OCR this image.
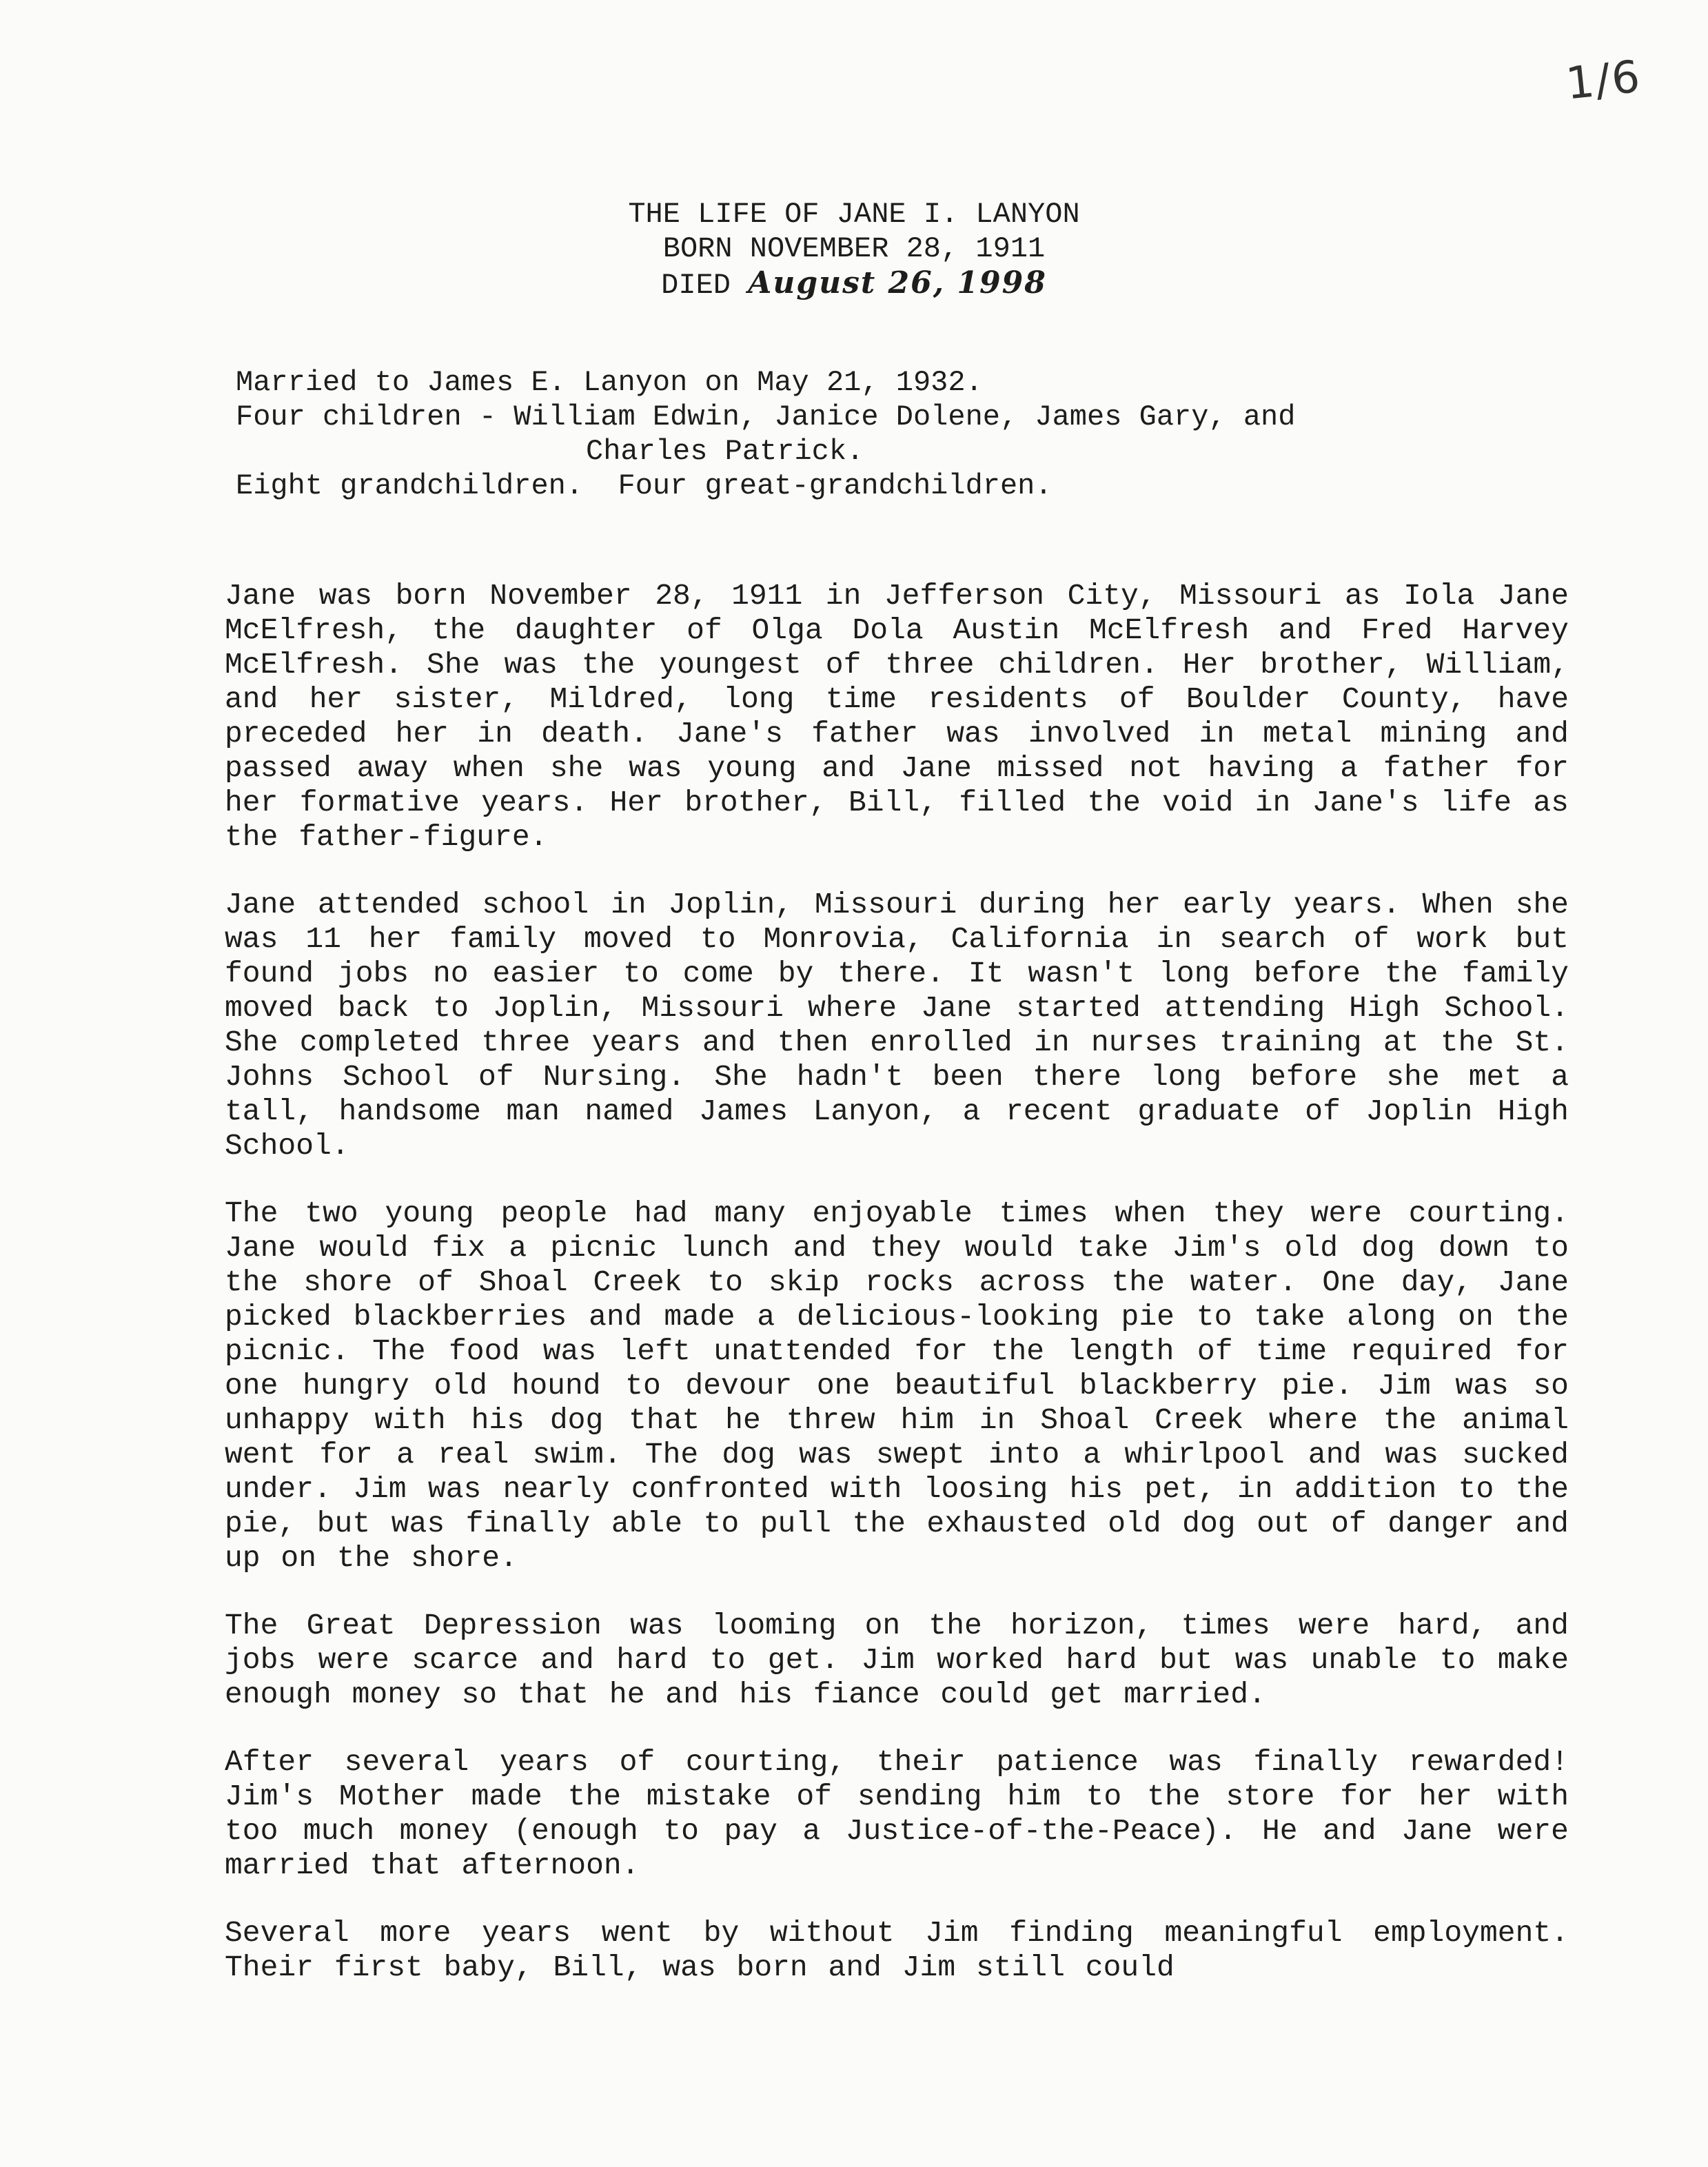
1/6
THE LIFE OF JANE I. LANYON
BORN NOVEMBER 28, 1911
DIED August 26, 1998
Married to James E. Lanyon on May 21, 1932.
Four children - William Edwin, Janice Dolene, James Gary, and
Charles Patrick.
Eight grandchildren.  Four great-grandchildren.

Jane was born November 28, 1911 in Jefferson City, Missouri as Iola Jane McElfresh, the daughter of Olga Dola Austin McElfresh and Fred Harvey McElfresh. She was the youngest of three children. Her brother, William, and her sister, Mildred, long time residents of Boulder County, have preceded her in death. Jane's father was involved in metal mining and passed away when she was young and Jane missed not having a father for her formative years. Her brother, Bill, filled the void in Jane's life as the father-figure.

Jane attended school in Joplin, Missouri during her early years. When she was 11 her family moved to Monrovia, California in search of work but found jobs no easier to come by there. It wasn't long before the family moved back to Joplin, Missouri where Jane started attending High School. She completed three years and then enrolled in nurses training at the St. Johns School of Nursing. She hadn't been there long before she met a tall, handsome man named James Lanyon, a recent graduate of Joplin High School.

The two young people had many enjoyable times when they were courting. Jane would fix a picnic lunch and they would take Jim's old dog down to the shore of Shoal Creek to skip rocks across the water. One day, Jane picked blackberries and made a delicious-looking pie to take along on the picnic. The food was left unattended for the length of time required for one hungry old hound to devour one beautiful blackberry pie. Jim was so unhappy with his dog that he threw him in Shoal Creek where the animal went for a real swim. The dog was swept into a whirlpool and was sucked under. Jim was nearly confronted with loosing his pet, in addition to the pie, but was finally able to pull the exhausted old dog out of danger and up on the shore.

The Great Depression was looming on the horizon, times were hard, and jobs were scarce and hard to get. Jim worked hard but was unable to make enough money so that he and his fiance could get married.

After several years of courting, their patience was finally rewarded! Jim's Mother made the mistake of sending him to the store for her with too much money (enough to pay a Justice-of-the-Peace). He and Jane were married that afternoon.

Several more years went by without Jim finding meaningful employment. Their first baby, Bill, was born and Jim still could
